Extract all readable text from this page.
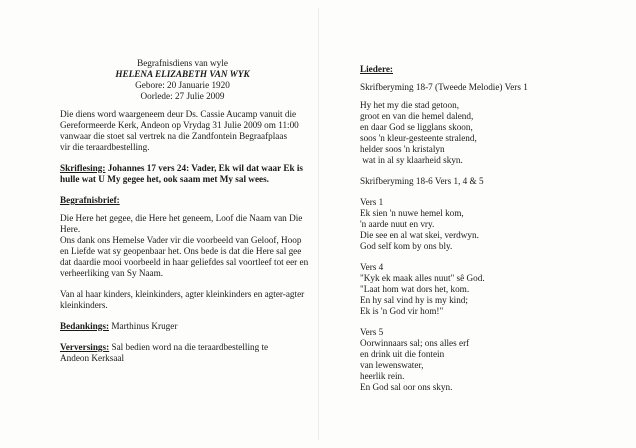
Begrafnisdiens van wyle

HELENA ELIZABETH VAN WYK

Gebore: 20 Januarie 1920

Oorlede: 27 Julie 2009

Die diens word waargeneem deur Ds. Cassie Aucamp vanuit die
Gereformeerde Kerk, Andeon op Vrydag 31 Julie 2009 om 11:00
vanwaar die stoet sal vertrek na die Zandfontein Begraafplaas
vir die teraardbestelling.
Skriflesing: Johannes 17 vers 24: Vader, Ek wil dat waar Ek is
hulle wat U My gegee het, ook saam met My sal wees.
Begrafnisbrief:
Die Here het gegee, die Here het geneem, Loof die Naam van Die
Here.
Ons dank ons Hemelse Vader vir die voorbeeld van Geloof, Hoop
en Liefde wat sy geopenbaar het. Ons bede is dat die Here sal gee
dat daardie mooi voorbeeld in haar geliefdes sal voortleef tot eer en
verheerliking van Sy Naam.
Van al haar kinders, kleinkinders, agter kleinkinders en agter-agter
kleinkinders.
Bedankings: Marthinus Kruger
Verversings: Sal bedien word na die teraardbestelling te
Andeon Kerksaal
Liedere:
Skrifberyming 18-7 (Tweede Melodie) Vers 1
Hy het my die stad getoon,
groot en van die hemel dalend,
en daar God se ligglans skoon,
soos 'n kleur-gesteente stralend,
helder soos 'n kristalyn
wat in al sy klaarheid skyn.
Skrifberyming 18-6 Vers 1, 4 & 5
Vers 1
Ek sien 'n nuwe hemel kom,
'n aarde nuut en vry.
Die see en al wat skei, verdwyn.
God self kom by ons bly.
Vers 4
"Kyk ek maak alles nuut" sê God.
"Laat hom wat dors het, kom.
En hy sal vind hy is my kind;
Ek is 'n God vir hom!"
Vers 5
Oorwinnaars sal; ons alles erf
en drink uit die fontein
van lewenswater,
heerlik rein.
En God sal oor ons skyn.
